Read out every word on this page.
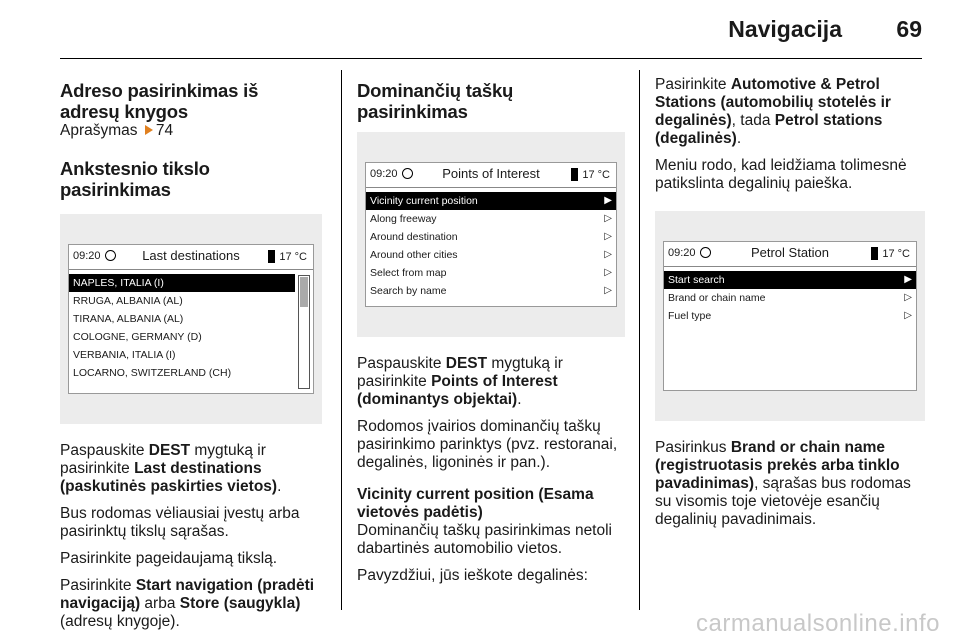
Navigacija 69
Adreso pasirinkimas iš adresų knygos

Aprašymas 74

Ankstesnio tikslo pasirinkimas
09:20	Last destinations	17 °C
NAPLES, ITALIA (I)
RRUGA, ALBANIA (AL)
TIRANA, ALBANIA (AL)
COLOGNE, GERMANY (D)
VERBANIA, ITALIA (I)
LOCARNO, SWITZERLAND (CH)

Paspauskite DEST mygtuką ir pasirinkite Last destinations (paskutinės paskirties vietos).

Bus rodomas vėliausiai įvestų arba pasirinktų tikslų sąrašas.

Pasirinkite pageidaujamą tikslą.

Pasirinkite Start navigation (pradėti navigaciją) arba Store (saugykla) (adresų knygoje).

Dominančių taškų pasirinkimas
09:20	Points of Interest	17 °C
Vicinity current position	▶
Along freeway	▷
Around destination	▷
Around other cities	▷
Select from map	▷
Search by name	▷

Paspauskite DEST mygtuką ir pasirinkite Points of Interest (dominantys objektai).

Rodomos įvairios dominančių taškų pasirinkimo parinktys (pvz. restoranai, degalinės, ligoninės ir pan.).

Vicinity current position (Esama vietovės padėtis)

Dominančių taškų pasirinkimas netoli dabartinės automobilio vietos.

Pavyzdžiui, jūs ieškote degalinės:

Pasirinkite Automotive & Petrol Stations (automobilių stotelės ir degalinės), tada Petrol stations (degalinės).

Meniu rodo, kad leidžiama tolimesnė patikslinta degalinių paieška.

09:20	Petrol Station	17 °C
Start search	▶
Brand or chain name	▷
Fuel type	▷

Pasirinkus Brand or chain name (registruotasis prekės arba tinklo pavadinimas), sąrašas bus rodomas su visomis toje vietovėje esančių degalinių pavadinimais.

carmanualsonline.info
